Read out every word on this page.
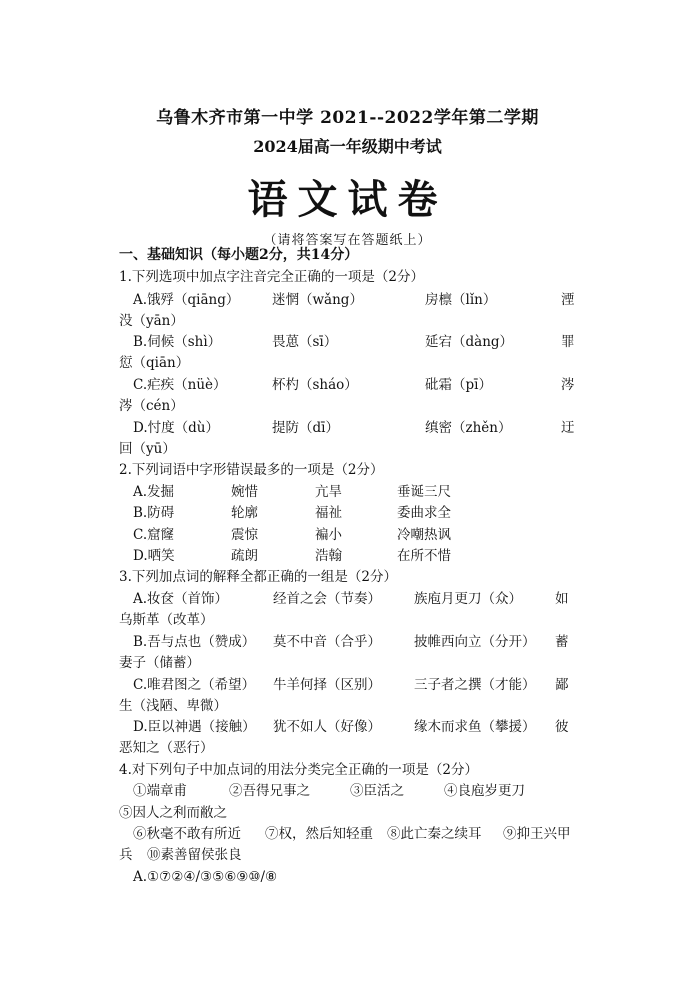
乌鲁木齐市第一中学 2021--2022学年第二学期
2024届高一年级期中考试
语文试卷
（请将答案写在答题纸上）
一、基础知识（每小题2分，共14分）
1.下列选项中加点字注音完全正确的一项是（2分）
A.饿殍（qiāng） 迷惘（wǎng）	房檩（lǐn）	湮
没（yān）
B.伺候（shì）	畏葸（sī）	延宕（dàng）	罪
愆（qiān）
C.疟疾（nüè）	杯杓（sháo）	砒霜（pī）	涔
涔（cén）
D.忖度（dù）	提防（dī）	缜密（zhěn）	迂
回（yū）
2.下列词语中字形错误最多的一项是（2分）
A.发掘	婉惜	亢旱	垂诞三尺
B.防碍	轮廓	福祉	委曲求全
C.窟窿	震惊	褊小	冷嘲热讽
D.哂笑	疏朗	浩翰	在所不惜
3.下列加点词的解释全都正确的一组是（2分）
A.妆奁（首饰）	经首之会（节奏） 族庖月更刀（众） 如
乌斯革（改革）
B.吾与点也（赞成） 莫不中音（合乎） 披帷西向立（分开） 蓄
妻子（储蓄）
C.唯君图之（希望） 牛羊何择（区别） 三子者之撰（才能） 鄙
生（浅陋、卑微）
D.臣以神遇（接触） 犹不如人（好像） 缘木而求鱼（攀援） 彼
恶知之（恶行）
4.对下列句子中加点词的用法分类完全正确的一项是（2分）
①端章甫	②吾得兄事之	③臣活之	④良庖岁更刀
⑤因人之利而敝之
⑥秋毫不敢有所近 ⑦权，然后知轻重 ⑧此亡秦之续耳 ⑨抑王兴甲
兵 ⑩素善留侯张良
A.①⑦②④/③⑤⑥⑨⑩/⑧
